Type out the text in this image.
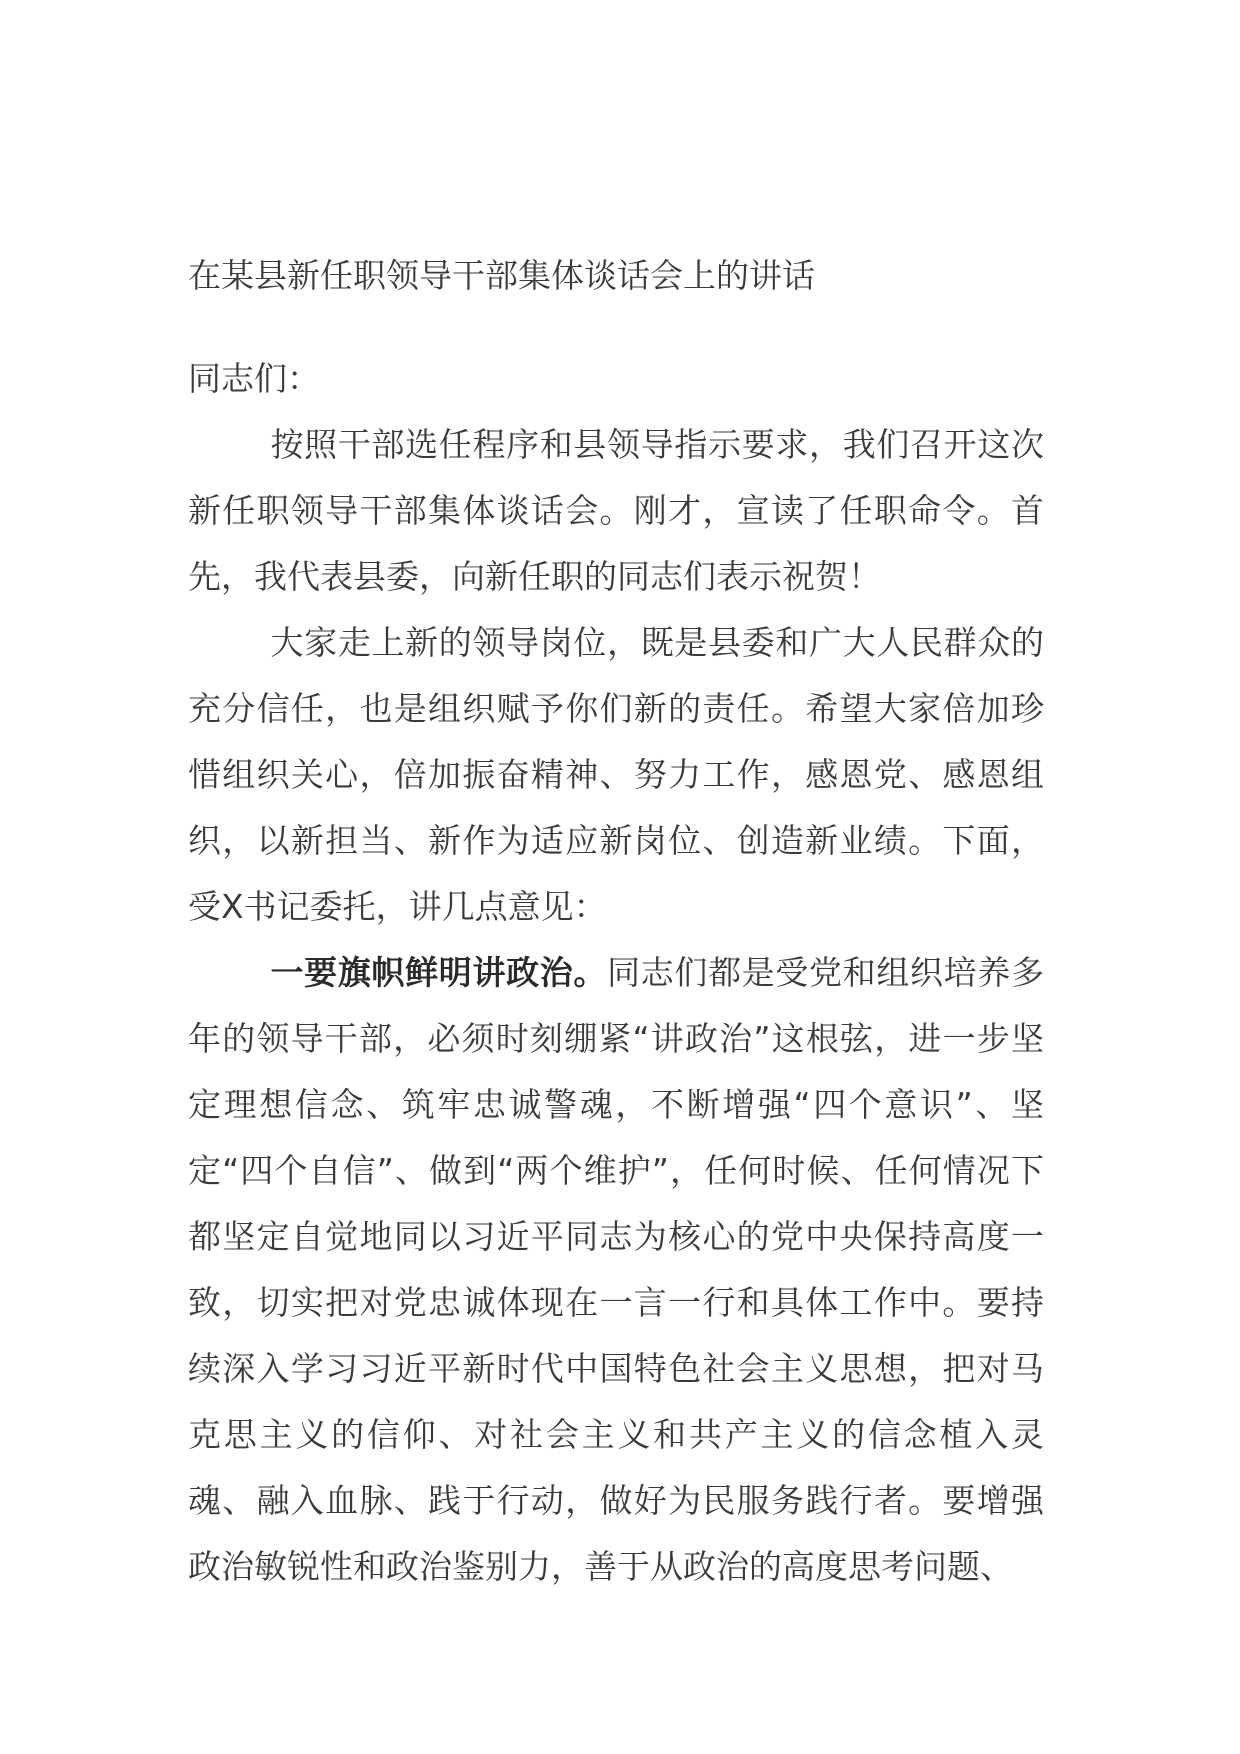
在某县新任职领导干部集体谈话会上的讲话

同志们：

按照干部选任程序和县领导指示要求，我们召开这次新任职领导干部集体谈话会。刚才，宣读了任职命令。首先，我代表县委，向新任职的同志们表示祝贺！

大家走上新的领导岗位，既是县委和广大人民群众的充分信任，也是组织赋予你们新的责任。希望大家倍加珍惜组织关心，倍加振奋精神、努力工作，感恩党、感恩组织，以新担当、新作为适应新岗位、创造新业绩。下面，受X书记委托，讲几点意见：

一要旗帜鲜明讲政治。同志们都是受党和组织培养多年的领导干部，必须时刻绷紧“讲政治”这根弦，进一步坚定理想信念、筑牢忠诚警魂，不断增强“四个意识”、坚定“四个自信”、做到“两个维护”，任何时候、任何情况下都坚定自觉地同以习近平同志为核心的党中央保持高度一致，切实把对党忠诚体现在一言一行和具体工作中。要持续深入学习习近平新时代中国特色社会主义思想，把对马克思主义的信仰、对社会主义和共产主义的信念植入灵魂、融入血脉、践于行动，做好为民服务践行者。要增强政治敏锐性和政治鉴别力，善于从政治的高度思考问题、
